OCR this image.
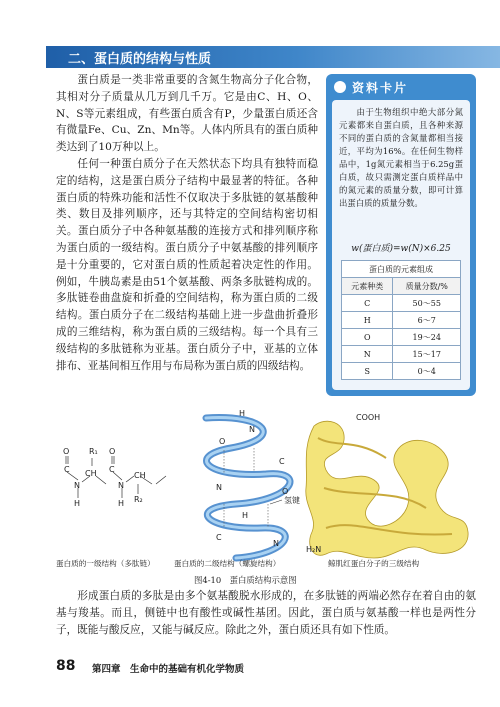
二、蛋白质的结构与性质

蛋白质是一类非常重要的含氮生物高分子化合物，其相对分子质量从几万到几千万。它是由C、H、O、N、S等元素组成，有些蛋白质含有P，少量蛋白质还含有微量Fe、Cu、Zn、Mn等。人体内所具有的蛋白质种类达到了10万种以上。

任何一种蛋白质分子在天然状态下均具有独特而稳定的结构，这是蛋白质分子结构中最显著的特征。各种蛋白质的特殊功能和活性不仅取决于多肽链的氨基酸种类、数目及排列顺序，还与其特定的空间结构密切相关。蛋白质分子中各种氨基酸的连接方式和排列顺序称为蛋白质的一级结构。蛋白质分子中氨基酸的排列顺序是十分重要的，它对蛋白质的性质起着决定性的作用。例如，牛胰岛素是由51个氨基酸、两条多肽链构成的。多肽链卷曲盘旋和折叠的空间结构，称为蛋白质的二级结构。蛋白质分子在二级结构基础上进一步盘曲折叠形成的三维结构，称为蛋白质的三级结构。每一个具有三级结构的多肽链称为亚基。蛋白质分子中，亚基的立体排布、亚基间相互作用与布局称为蛋白质的四级结构。

资料卡片

由于生物组织中绝大部分氮元素都来自蛋白质，且各种来源不同的蛋白质的含氮量都相当接近，平均为16%。在任何生物样品中，1g氮元素相当于6.25g蛋白质，故只需测定蛋白质样品中的氮元素的质量分数，即可计算出蛋白质的质量分数。

w(蛋白质)=w(N)×6.25
蛋白质的元素组成	
元素种类	质量分数/%
C	50～55
H	6～7
O	19～24
N	15～17
S	0～4
O R₁ O
C CH C
N	N
CH
H	H R₂
H
N
O
C
N	O
H
C
N
氢键
COOH
H₂N
蛋白质的一级结构（多肽链）	蛋白质的二级结构（螺旋结构）	鲸肌红蛋白分子的三级结构
图4-10　蛋白质结构示意图

形成蛋白质的多肽是由多个氨基酸脱水形成的，在多肽链的两端必然存在着自由的氨基与羧基。而且，侧链中也有酸性或碱性基团。因此，蛋白质与氨基酸一样也是两性分子，既能与酸反应，又能与碱反应。除此之外，蛋白质还具有如下性质。

88 第四章　生命中的基础有机化学物质
